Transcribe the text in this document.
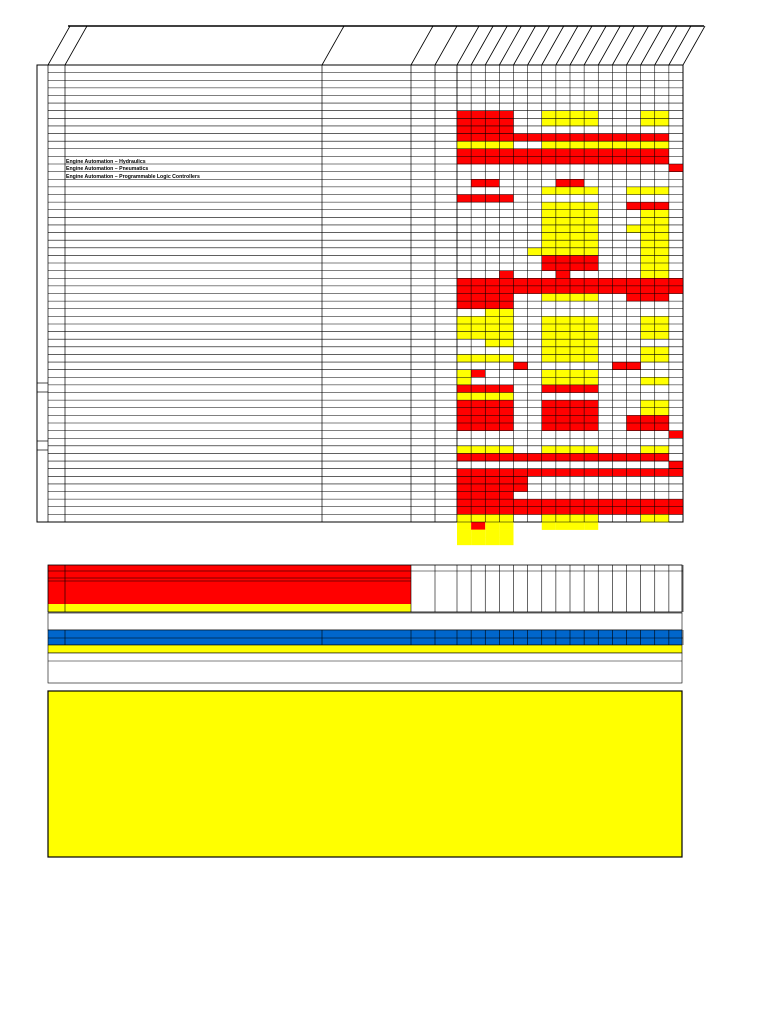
Engine Automation – Hydraulics
Engine Automation – Pneumatics
Engine Automation – Programmable Logic Controllers
